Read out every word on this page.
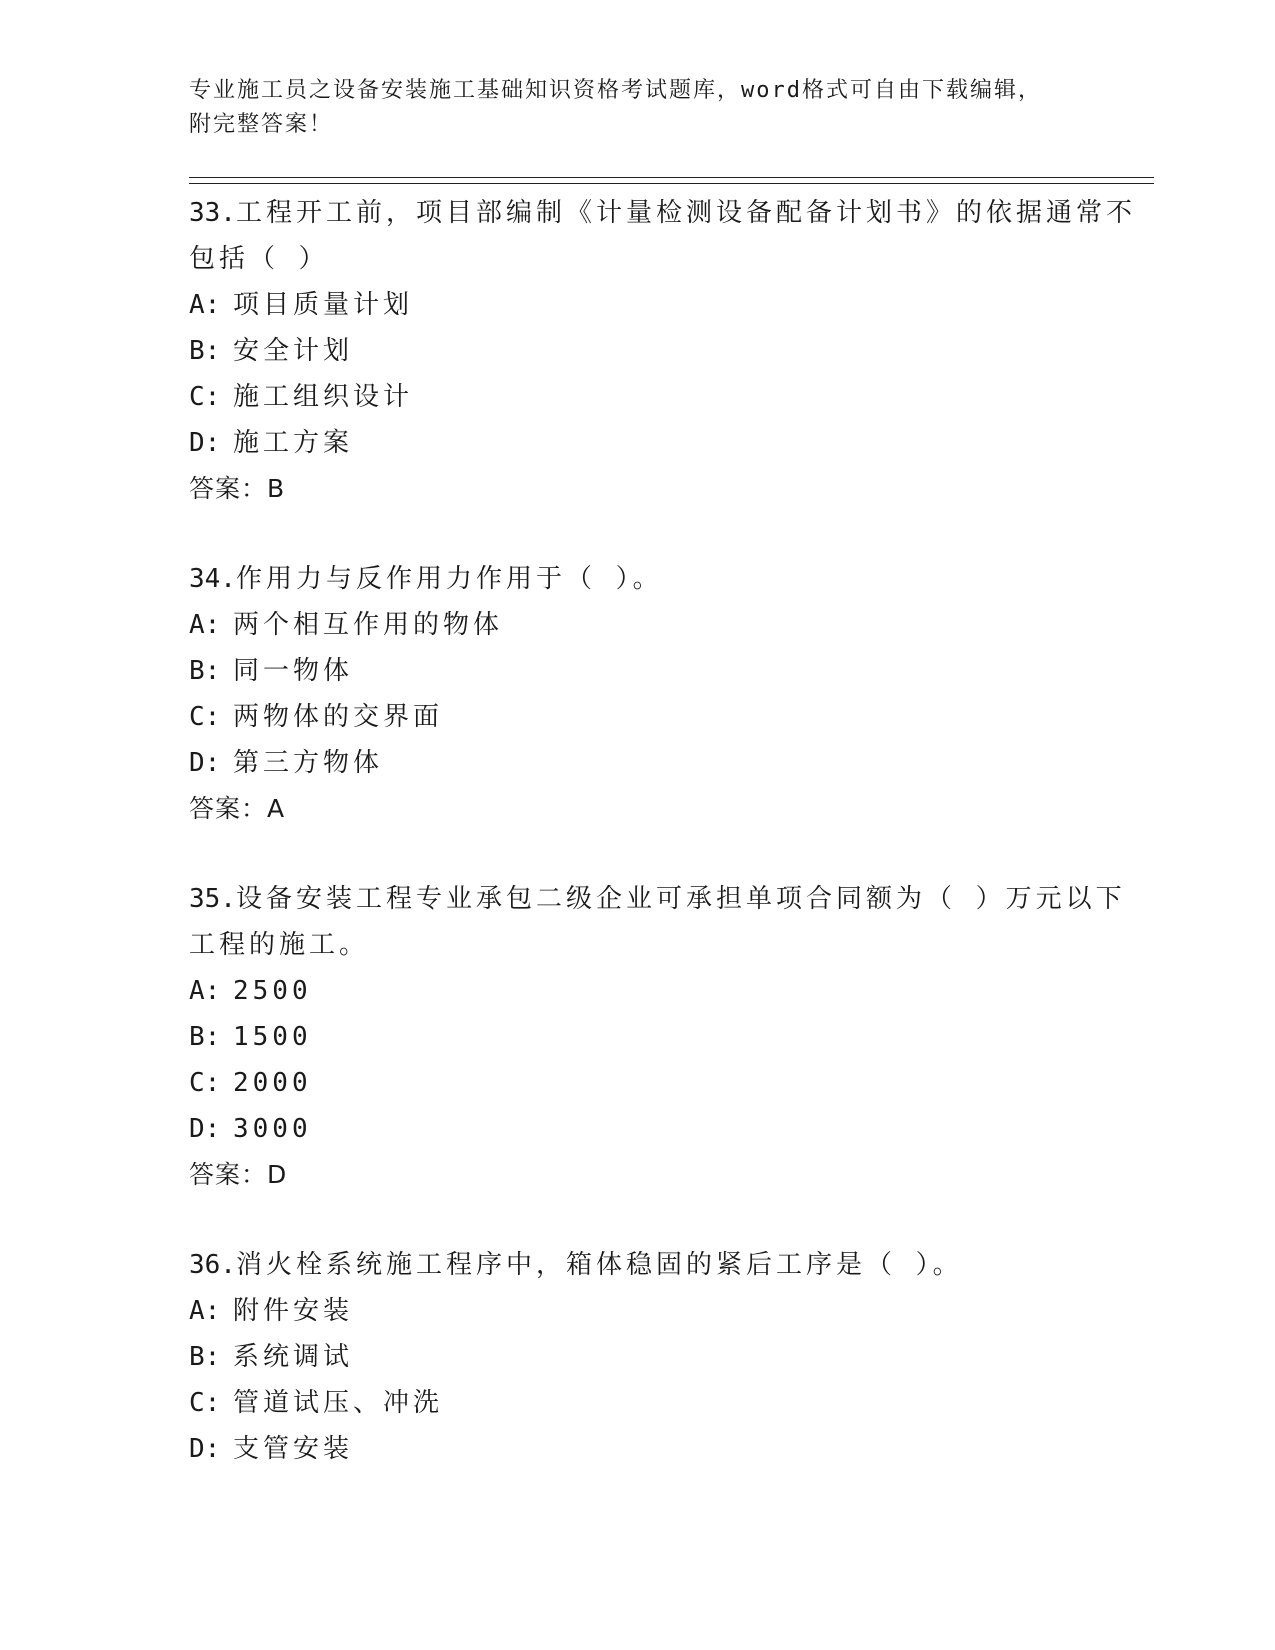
专业施工员之设备安装施工基础知识资格考试题库，word格式可自由下载编辑，
附完整答案！
33.工程开工前，项目部编制《计量检测设备配备计划书》的依据通常不包括（ ）
A: 项目质量计划
B: 安全计划
C: 施工组织设计
D: 施工方案
答案：B
34.作用力与反作用力作用于（ ）。
A: 两个相互作用的物体
B: 同一物体
C: 两物体的交界面
D: 第三方物体
答案：A
35.设备安装工程专业承包二级企业可承担单项合同额为（ ）万元以下工程的施工。
A: 2500
B: 1500
C: 2000
D: 3000
答案：D
36.消火栓系统施工程序中，箱体稳固的紧后工序是（ ）。
A: 附件安装
B: 系统调试
C: 管道试压、冲洗
D: 支管安装
